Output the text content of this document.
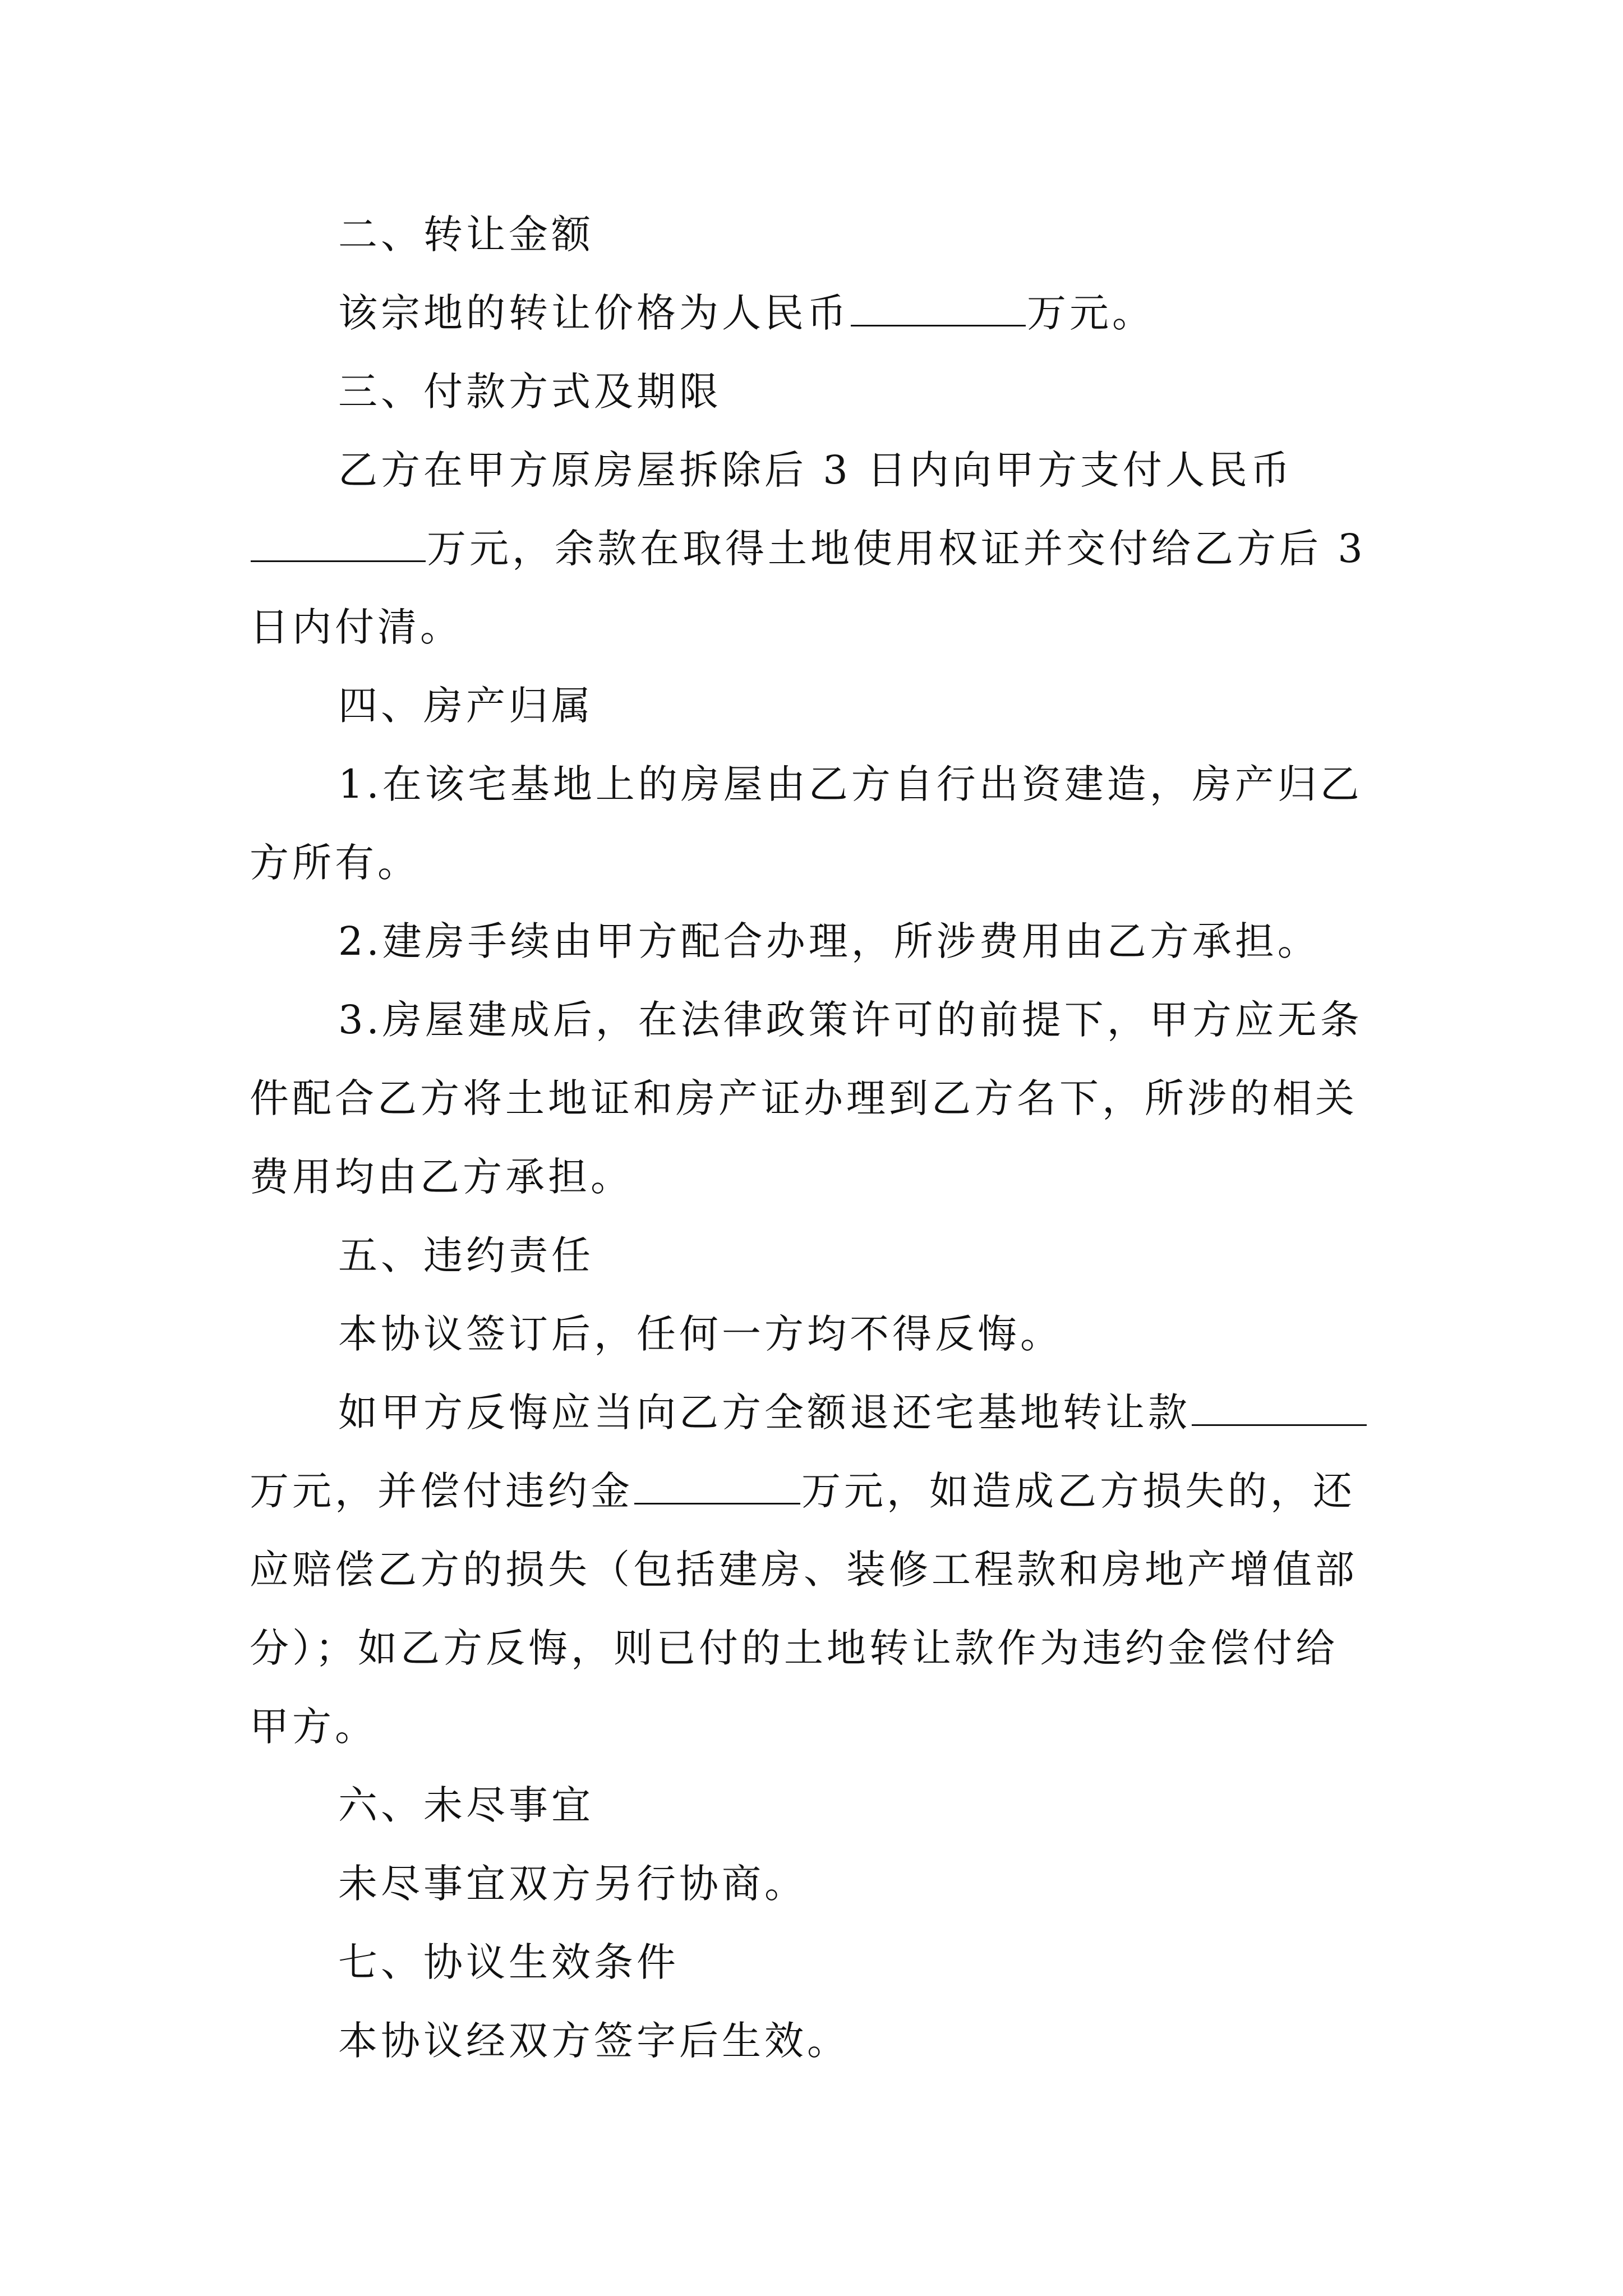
二、转让金额
该宗地的转让价格为人民币	万元。
三、付款方式及期限
乙方在甲方原房屋拆除后 3 日内向甲方支付人民币
万元，余款在取得土地使用权证并交付给乙方后 3
日内付清。
四、房产归属
1.在该宅基地上的房屋由乙方自行出资建造，房产归乙
方所有。
2.建房手续由甲方配合办理，所涉费用由乙方承担。
3.房屋建成后，在法律政策许可的前提下，甲方应无条
件配合乙方将土地证和房产证办理到乙方名下，所涉的相关
费用均由乙方承担。
五、违约责任
本协议签订后，任何一方均不得反悔。
如甲方反悔应当向乙方全额退还宅基地转让款
万元，并偿付违约金	万元，如造成乙方损失的，还
应赔偿乙方的损失（包括建房、装修工程款和房地产增值部
分）；如乙方反悔，则已付的土地转让款作为违约金偿付给
甲方。
六、未尽事宜
未尽事宜双方另行协商。
七、协议生效条件
本协议经双方签字后生效。
